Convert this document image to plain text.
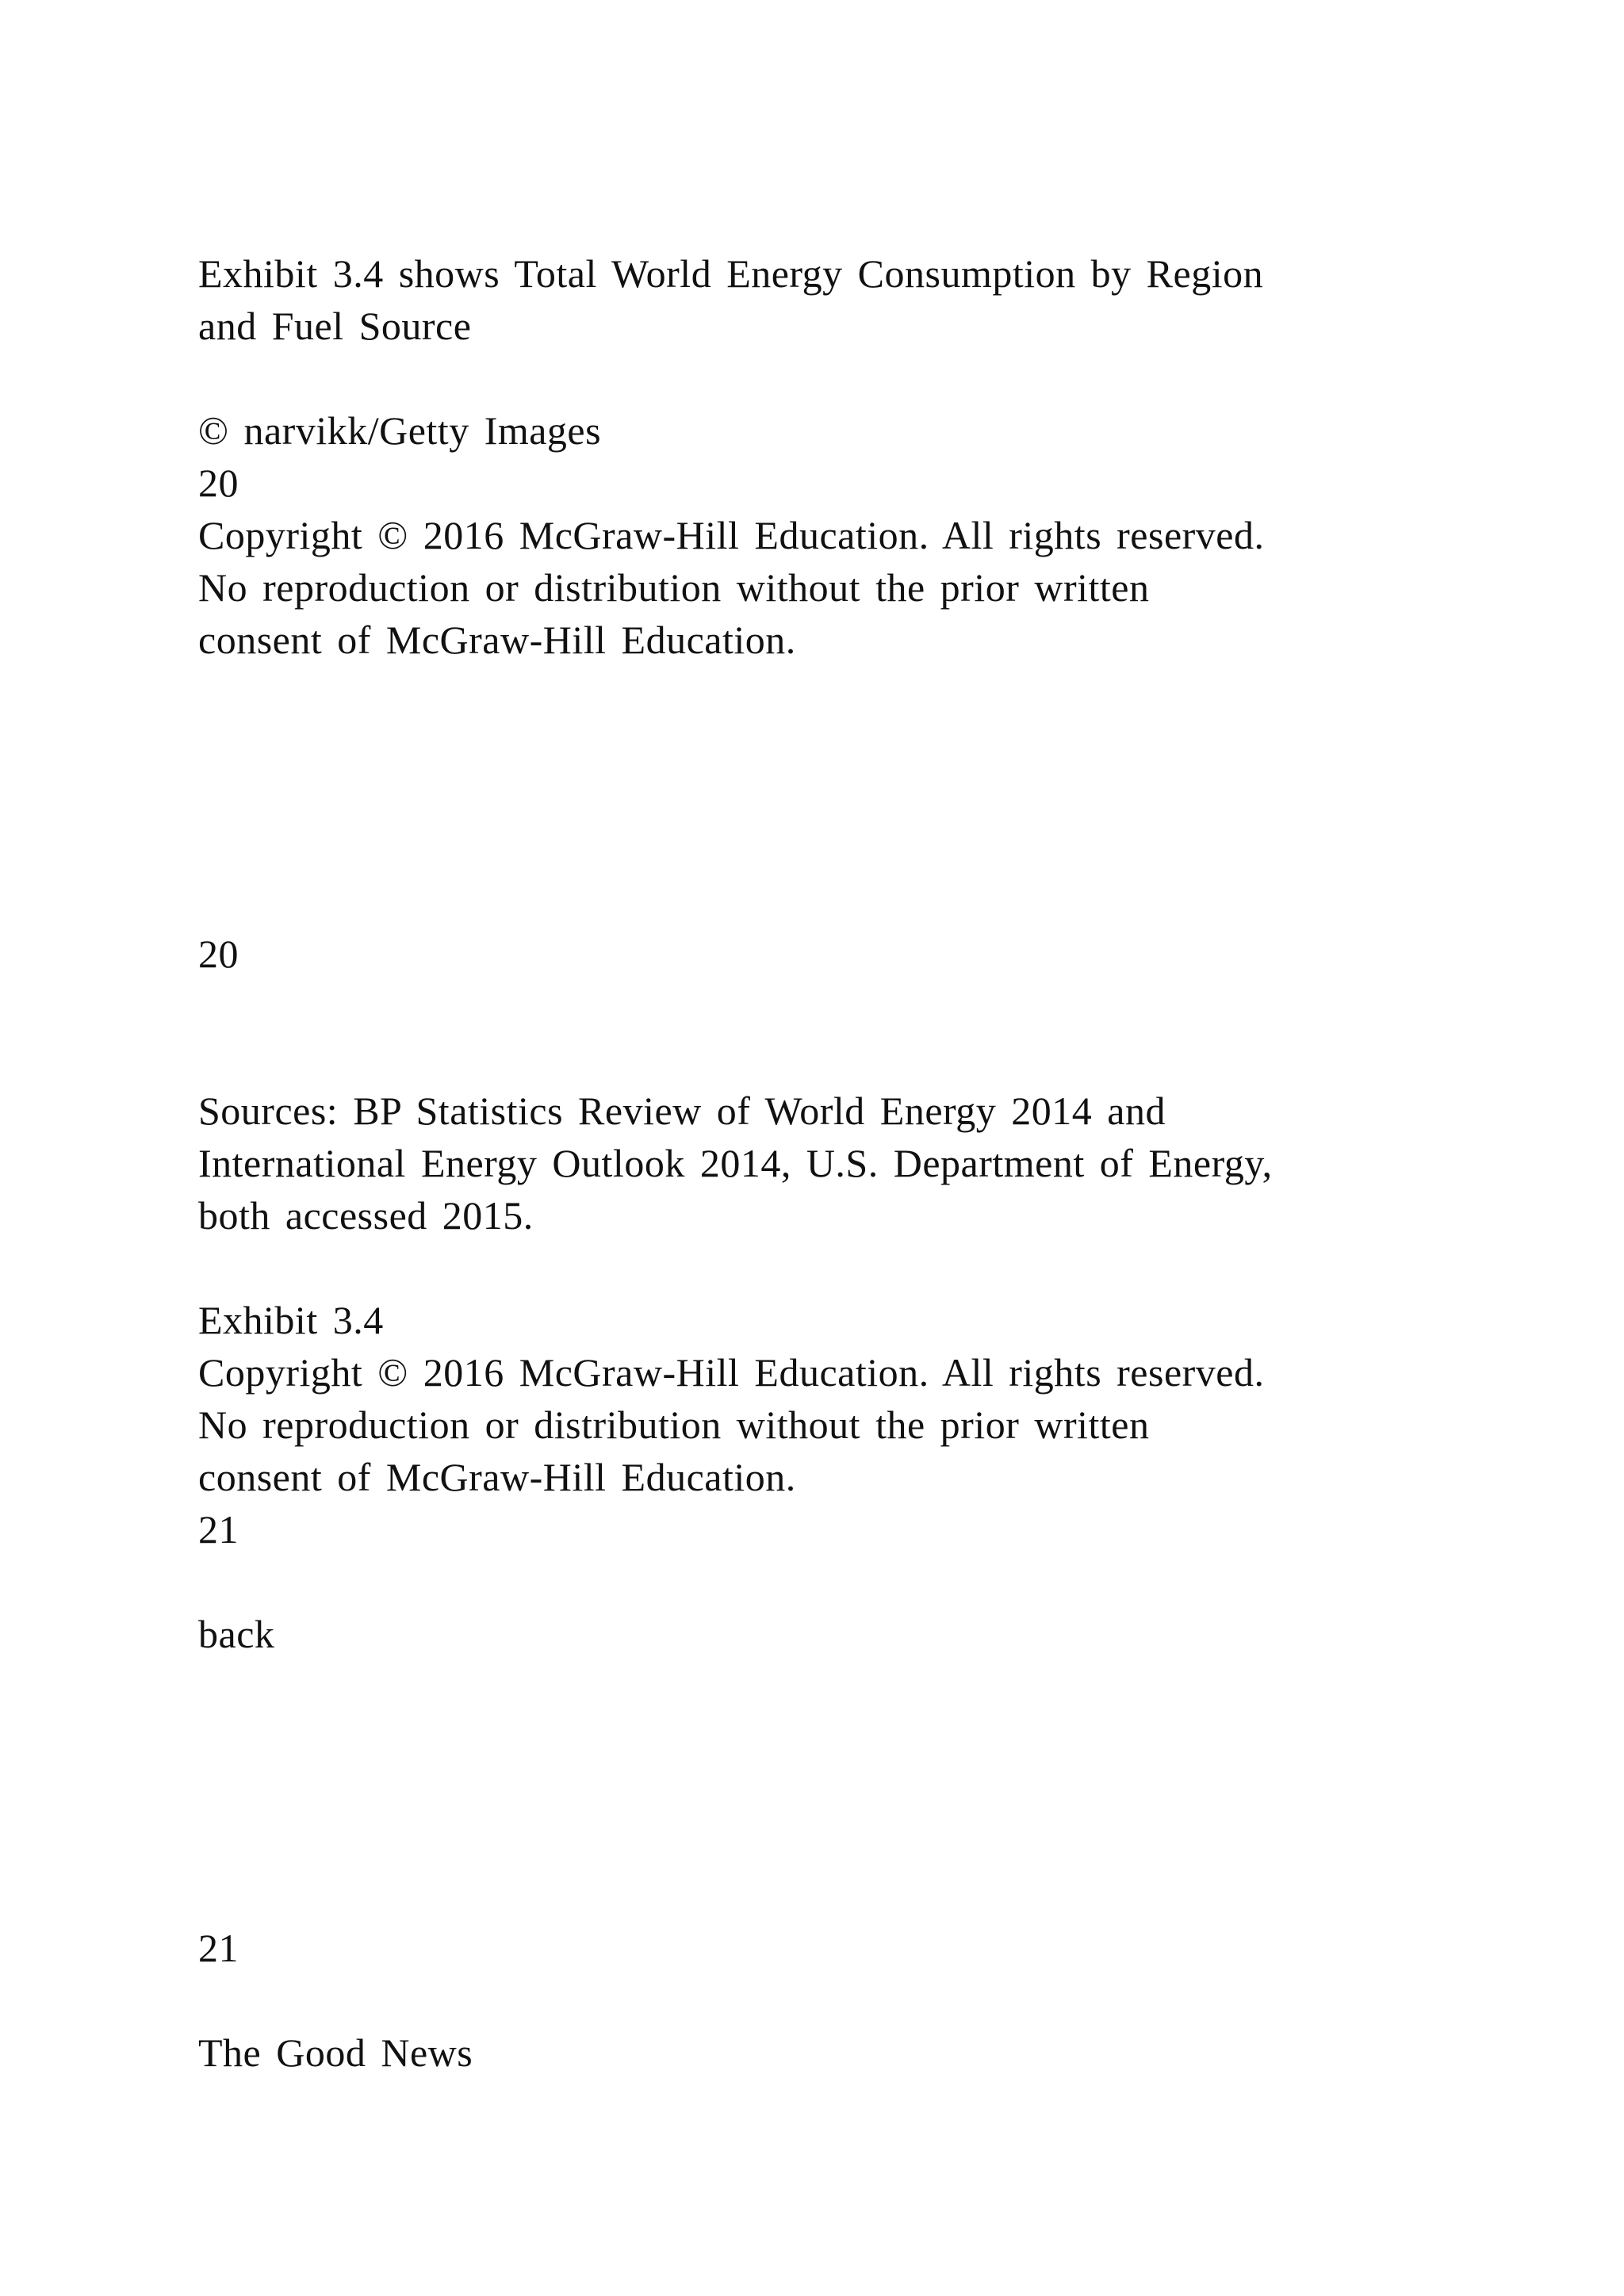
Exhibit 3.4 shows Total World Energy Consumption by Region
and Fuel Source
© narvikk/Getty Images
20
Copyright © 2016 McGraw-Hill Education. All rights reserved.
No reproduction or distribution without the prior written
consent of McGraw-Hill Education.
20
Sources: BP Statistics Review of World Energy 2014 and
International Energy Outlook 2014, U.S. Department of Energy,
both accessed 2015.
Exhibit 3.4
Copyright © 2016 McGraw-Hill Education. All rights reserved.
No reproduction or distribution without the prior written
consent of McGraw-Hill Education.
21
back
21
The Good News
